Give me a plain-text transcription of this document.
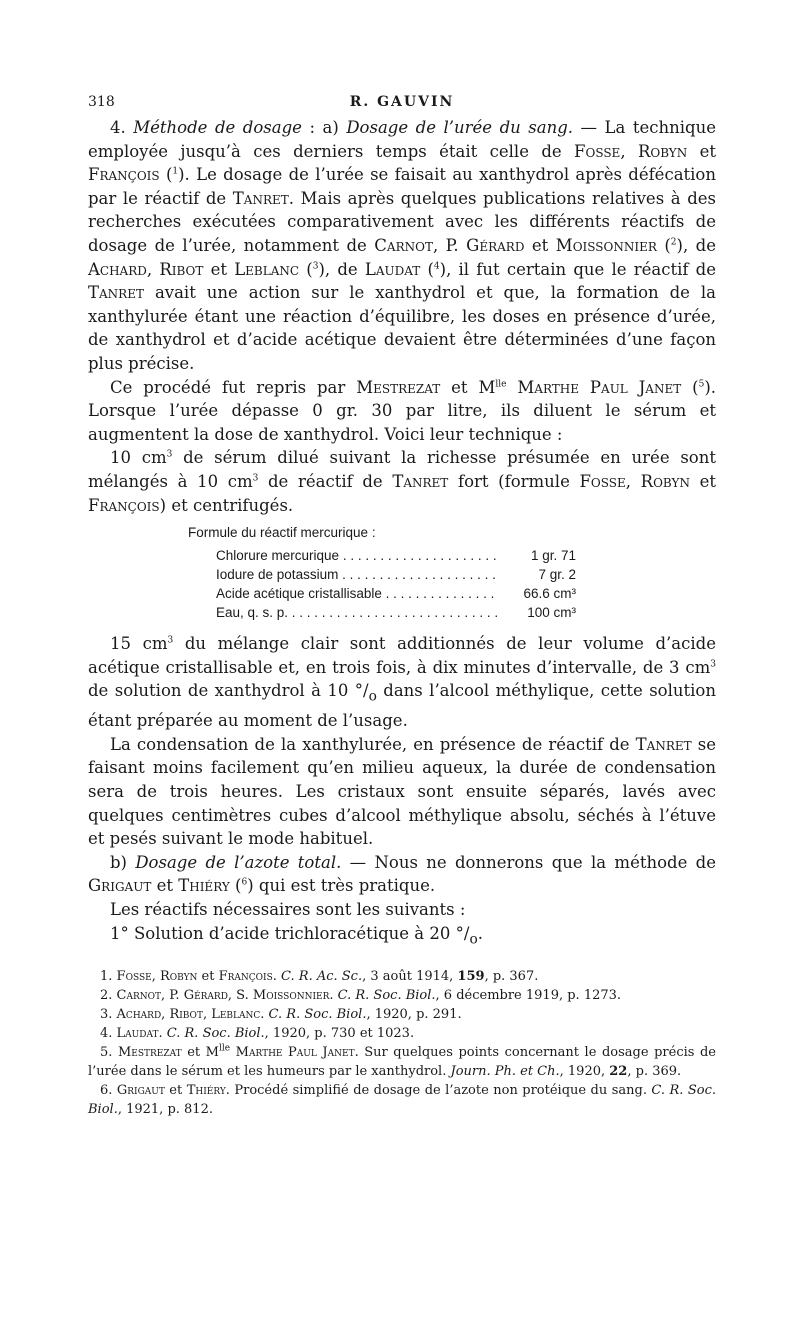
318	R. GAUVIN

4. Méthode de dosage : a) Dosage de l’urée du sang. — La technique employée jusqu’à ces derniers temps était celle de Fosse, Robyn et François ($^1$). Le dosage de l’urée se faisait au xanthydrol après défécation par le réactif de Tanret. Mais après quelques publications relatives à des recherches exécutées comparativement avec les différents réactifs de dosage de l’urée, notamment de Carnot, P. Gérard et Moissonnier ($^2$), de Achard, Ribot et Leblanc ($^3$), de Laudat ($^4$), il fut certain que le réactif de Tanret avait une action sur le xanthydrol et que, la formation de la xanthylurée étant une réaction d’équilibre, les doses en présence d’urée, de xanthydrol et d’acide acétique devaient être déterminées d’une façon plus précise.

Ce procédé fut repris par Mestrezat et $M^{lle}$ Marthe Paul Janet ($^5$). Lorsque l’urée dépasse 0 gr. 30 par litre, ils diluent le sérum et augmentent la dose de xanthydrol. Voici leur technique :

10 $cm^3$ de sérum dilué suivant la richesse présumée en urée sont mélangés à 10 $cm^3$ de réactif de Tanret fort (formule Fosse, Robyn et François) et centrifugés.

Formule du réactif mercurique :
Chlorure mercurique . . .	1 gr. 71
Iodure de potassium . . .	7 gr. 2
Acide acétique cristallisable . . .	66.6 cm³
Eau, q. s. p. . . .	100 cm³

15 $cm^3$ du mélange clair sont additionnés de leur volume d’acide acétique cristallisable et, en trois fois, à dix minutes d’intervalle, de 3 $cm^3$ de solution de xanthydrol à 10 $^\circ/_o$ dans l’alcool méthylique, cette solution étant préparée au moment de l’usage.

La condensation de la xanthylurée, en présence de réactif de Tanret se faisant moins facilement qu’en milieu aqueux, la durée de condensation sera de trois heures. Les cristaux sont ensuite séparés, lavés avec quelques centimètres cubes d’alcool méthylique absolu, séchés à l’étuve et pesés suivant le mode habituel.

b) Dosage de l’azote total. — Nous ne donnerons que la méthode de Grigaut et Thiéry ($^6$) qui est très pratique.

Les réactifs nécessaires sont les suivants :

1° Solution d’acide trichloracétique à 20 $^\circ/_o$.

1. Fosse, Robyn et François. C. R. Ac. Sc., 3 août 1914, 159, p. 367.
2. Carnot, P. Gérard, S. Moissonnier. C. R. Soc. Biol., 6 décembre 1919, p. 1273.
3. Achard, Ribot, Leblanc. C. R. Soc. Biol., 1920, p. 291.
4. Laudat. C. R. Soc. Biol., 1920, p. 730 et 1023.
5. Mestrezat et $M^{lle}$ Marthe Paul Janet. Sur quelques points concernant le dosage précis de l’urée dans le sérum et les humeurs par le xanthydrol. Journ. Ph. et Ch., 1920, 22, p. 369.
6. Grigaut et Thiéry. Procédé simplifié de dosage de l’azote non protéique du sang. C. R. Soc. Biol., 1921, p. 812.
